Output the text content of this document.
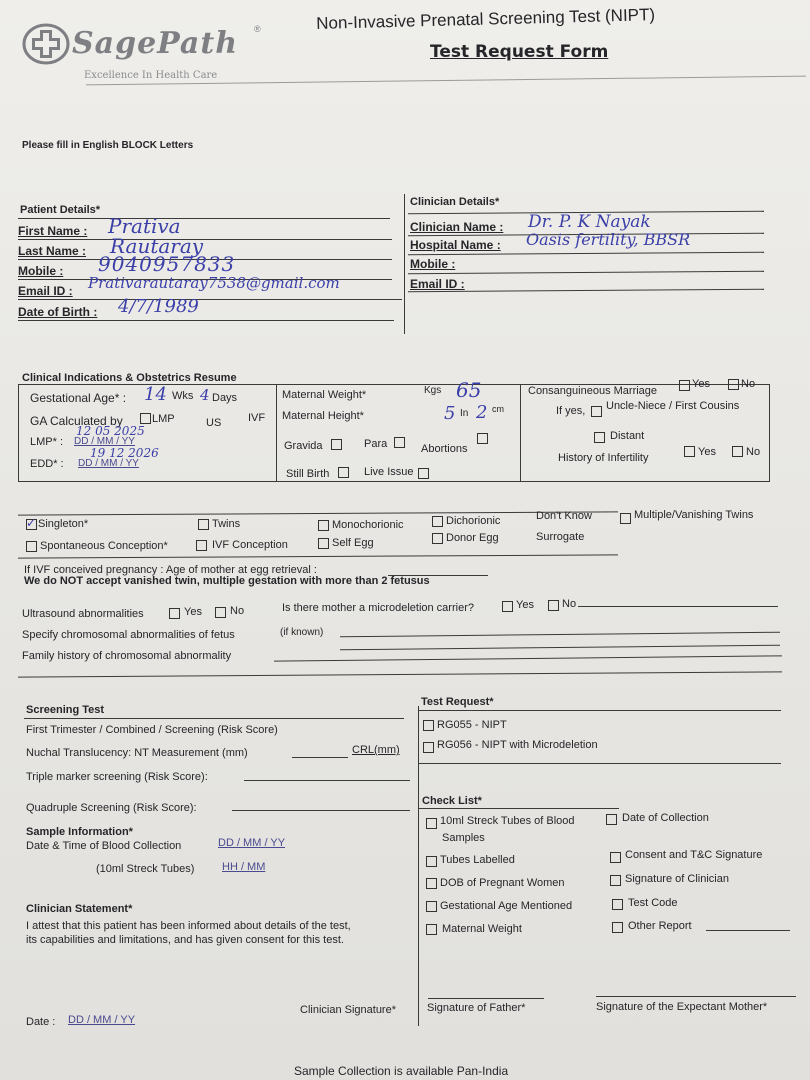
SagePath ®
Excellence In Health Care
Non-Invasive Prenatal Screening Test (NIPT)
Test Request Form
Please fill in English BLOCK Letters
Patient Details*
First Name : Prativa
Last Name : Rautaray
Mobile : 9040957833
Email ID : Prativarautaray7538@gmail.com
Date of Birth : 4/7/1989
Clinician Details*
Clinician Name : Dr. P. K Nayak
Hospital Name : Oasis fertility, BBSR
Mobile :
Email ID :
Clinical Indications & Obstetrics Resume
Gestational Age* : 14 Wks 4 Days
GA Calculated by	LMP	US IVF
12 05 2025
LMP* : DD / MM / YY
19 12 2026
EDD* : DD / MM / YY
Maternal Weight*	Kgs 65
Maternal Height*	5 In 2 cm
Gravida	Para	Abortions
Still Birth	Live Issue
Consanguineous Marriage
Yes	No
If yes, Uncle-Niece / First Cousins
Distant
History of Infertility	Yes	No
✓
Singleton*	Twins	Monochorionic	Dichorionic	Don't Know	Multiple/Vanishing Twins
Spontaneous Conception*	IVF Conception	Self Egg	Donor Egg	Surrogate
If IVF conceived pregnancy : Age of mother at egg retrieval :
We do NOT accept vanished twin, multiple gestation with more than 2 fetusus
Ultrasound abnormalities	Yes	No	Is there mother a microdeletion carrier?	Yes	No
Specify chromosomal abnormalities of fetus	(if known)
Family history of chromosomal abnormality
Screening Test
First Trimester / Combined / Screening (Risk Score)
Nuchal Translucency: NT Measurement (mm)	CRL(mm)
Triple marker screening (Risk Score):
Quadruple Screening (Risk Score):
Sample Information*
Date & Time of Blood Collection	DD / MM / YY
(10ml Streck Tubes)	HH / MM
Clinician Statement*
I attest that this patient has been informed about details of the test,
its capabilities and limitations, and has given consent for this test.
Date : DD / MM / YY
Clinician Signature*
Test Request*
RG055 - NIPT
RG056 - NIPT with Microdeletion
Check List*
10ml Streck Tubes of Blood
Samples
Date of Collection
Tubes Labelled	Consent and T&C Signature
DOB of Pregnant Women	Signature of Clinician
Gestational Age Mentioned	Test Code
Maternal Weight	Other Report
Signature of Father*	Signature of the Expectant Mother*
Sample Collection is available Pan-India
